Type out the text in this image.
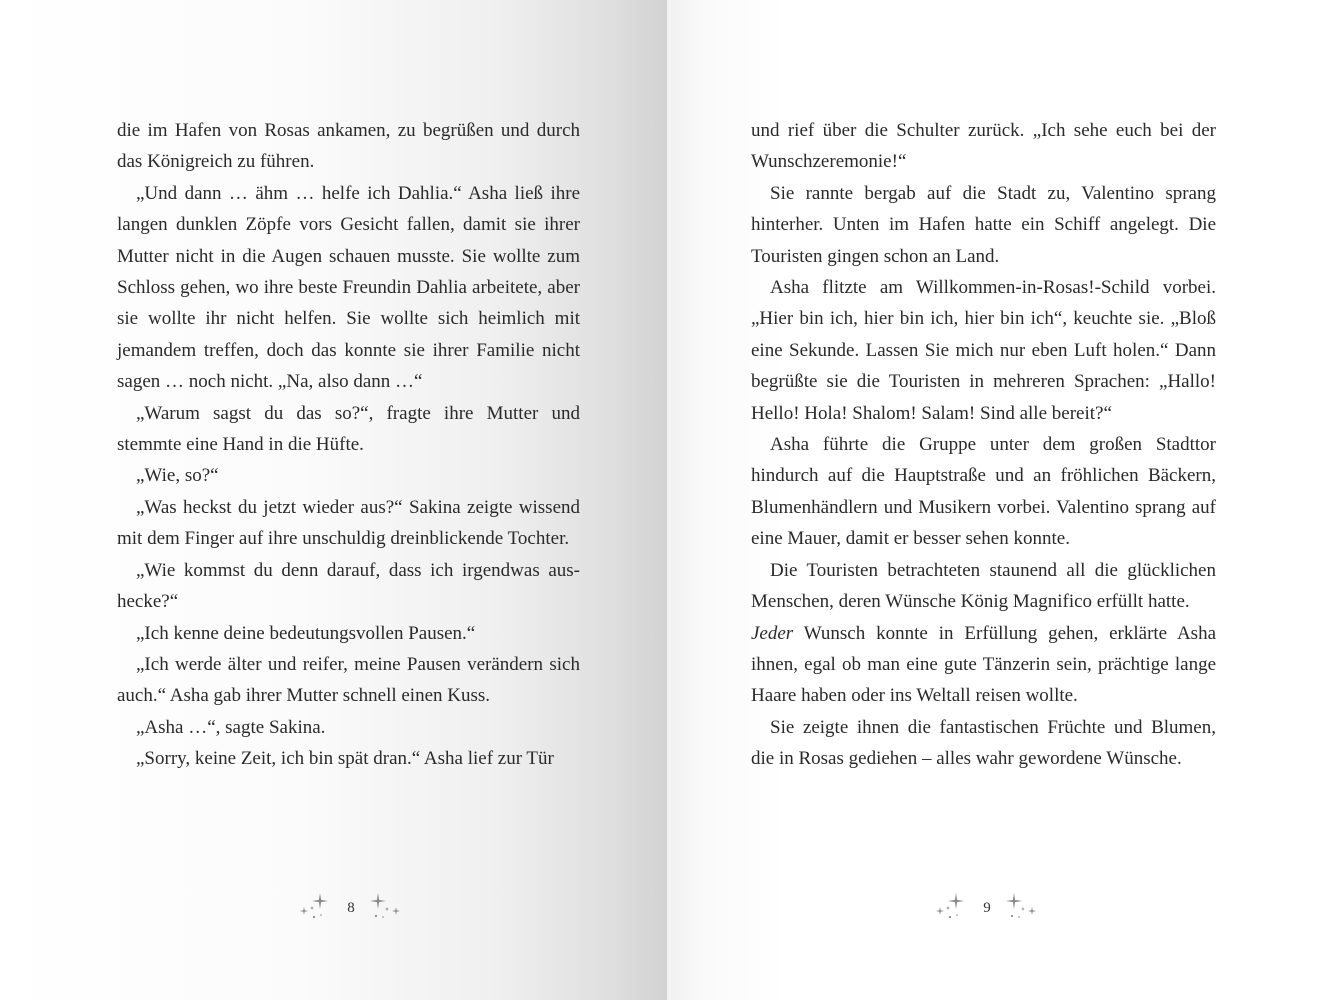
die im Hafen von Rosas ankamen, zu begrüßen und durch das Königreich zu führen.

„Und dann … ähm … helfe ich Dahlia.“ Asha ließ ihre langen dunklen Zöpfe vors Gesicht fallen, damit sie ihrer Mutter nicht in die Augen schauen musste. Sie wollte zum Schloss gehen, wo ihre beste Freundin Dahlia arbeitete, aber sie wollte ihr nicht helfen. Sie wollte sich heimlich mit jemandem treffen, doch das konnte sie ihrer Familie nicht sagen … noch nicht. „Na, also dann …“

„Warum sagst du das so?“, fragte ihre Mutter und stemmte eine Hand in die Hüfte.

„Wie, so?“

„Was heckst du jetzt wieder aus?“ Sakina zeigte wissend mit dem Finger auf ihre unschuldig dreinblickende Tochter.

„Wie kommst du denn darauf, dass ich irgendwas aushecke?“

„Ich kenne deine bedeutungsvollen Pausen.“

„Ich werde älter und reifer, meine Pausen verändern sich auch.“ Asha gab ihrer Mutter schnell einen Kuss.

„Asha …“, sagte Sakina.

„Sorry, keine Zeit, ich bin spät dran.“ Asha lief zur Tür

8

und rief über die Schulter zurück. „Ich sehe euch bei der Wunschzeremonie!“

Sie rannte bergab auf die Stadt zu, Valentino sprang hinterher. Unten im Hafen hatte ein Schiff angelegt. Die Touristen gingen schon an Land.

Asha flitzte am Willkommen-in-Rosas!-Schild vorbei. „Hier bin ich, hier bin ich, hier bin ich“, keuchte sie. „Bloß eine Sekunde. Lassen Sie mich nur eben Luft holen.“ Dann begrüßte sie die Touristen in mehreren Sprachen: „Hallo! Hello! Hola! Shalom! Salam! Sind alle bereit?“

Asha führte die Gruppe unter dem großen Stadttor hindurch auf die Hauptstraße und an fröhlichen Bäckern, Blumenhändlern und Musikern vorbei. Valentino sprang auf eine Mauer, damit er besser sehen konnte.

Die Touristen betrachteten staunend all die glücklichen Menschen, deren Wünsche König Magnifico erfüllt hatte.

Jeder Wunsch konnte in Erfüllung gehen, erklärte Asha ihnen, egal ob man eine gute Tänzerin sein, prächtige lange Haare haben oder ins Weltall reisen wollte.

Sie zeigte ihnen die fantastischen Früchte und Blumen, die in Rosas gediehen – alles wahr gewordene Wünsche.

9
